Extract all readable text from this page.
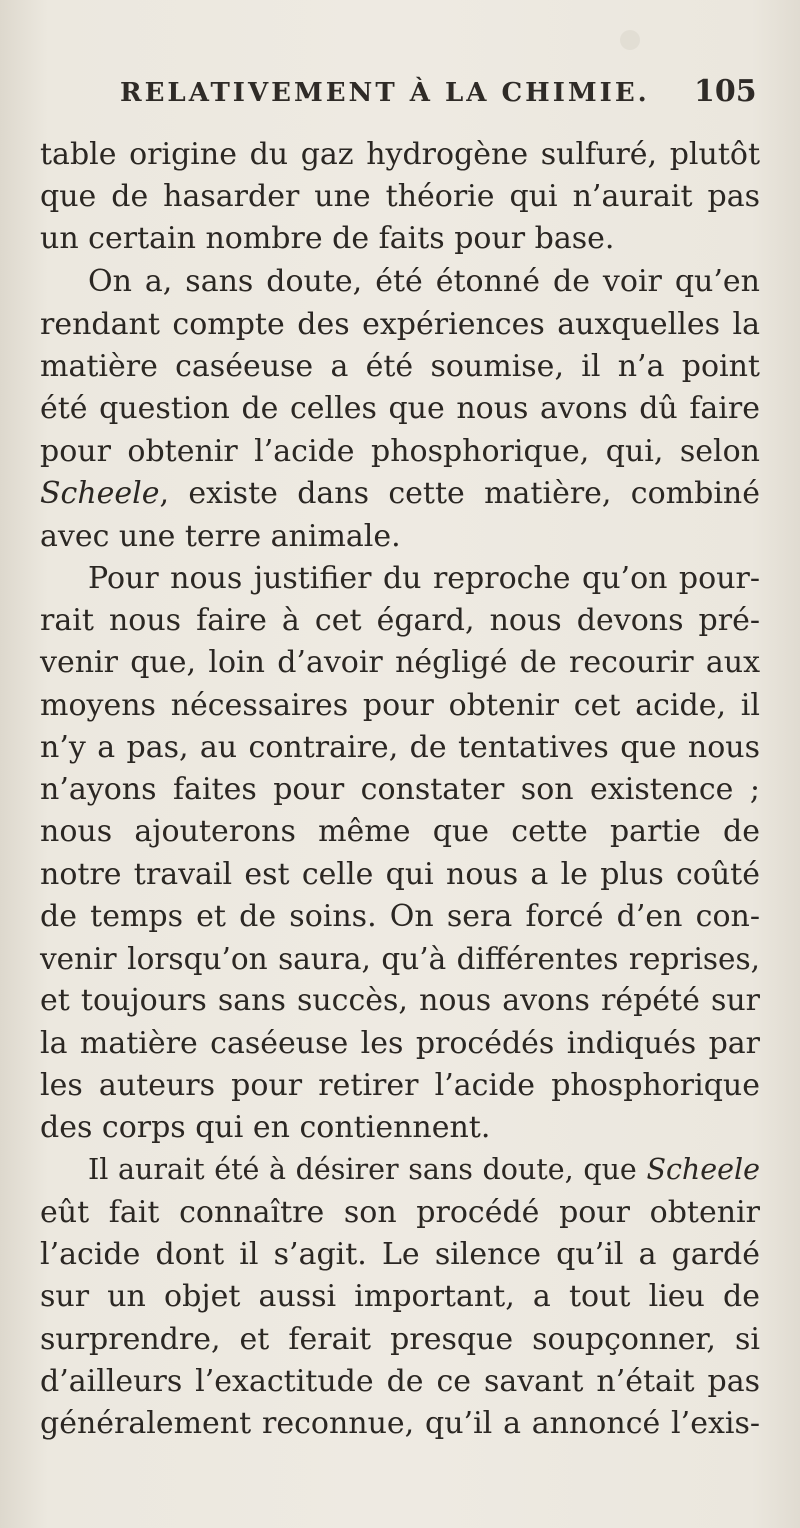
RELATIVEMENT À LA CHIMIE. 105
table origine du gaz hydrogène sulfuré, plutôt
que de hasarder une théorie qui n’aurait pas
un certain nombre de faits pour base.
On a, sans doute, été étonné de voir qu’en
rendant compte des expériences auxquelles la
matière caséeuse a été soumise, il n’a point
été question de celles que nous avons dû faire
pour obtenir l’acide phosphorique, qui, selon
Scheele, existe dans cette matière, combiné
avec une terre animale.
Pour nous justifier du reproche qu’on pour-
rait nous faire à cet égard, nous devons pré-
venir que, loin d’avoir négligé de recourir aux
moyens nécessaires pour obtenir cet acide, il
n’y a pas, au contraire, de tentatives que nous
n’ayons faites pour constater son existence ;
nous ajouterons même que cette partie de
notre travail est celle qui nous a le plus coûté
de temps et de soins. On sera forcé d’en con-
venir lorsqu’on saura, qu’à différentes reprises,
et toujours sans succès, nous avons répété sur
la matière caséeuse les procédés indiqués par
les auteurs pour retirer l’acide phosphorique
des corps qui en contiennent.
Il aurait été à désirer sans doute, que Scheele
eût fait connaître son procédé pour obtenir
l’acide dont il s’agit. Le silence qu’il a gardé
sur un objet aussi important, a tout lieu de
surprendre, et ferait presque soupçonner, si
d’ailleurs l’exactitude de ce savant n’était pas
généralement reconnue, qu’il a annoncé l’exis-
